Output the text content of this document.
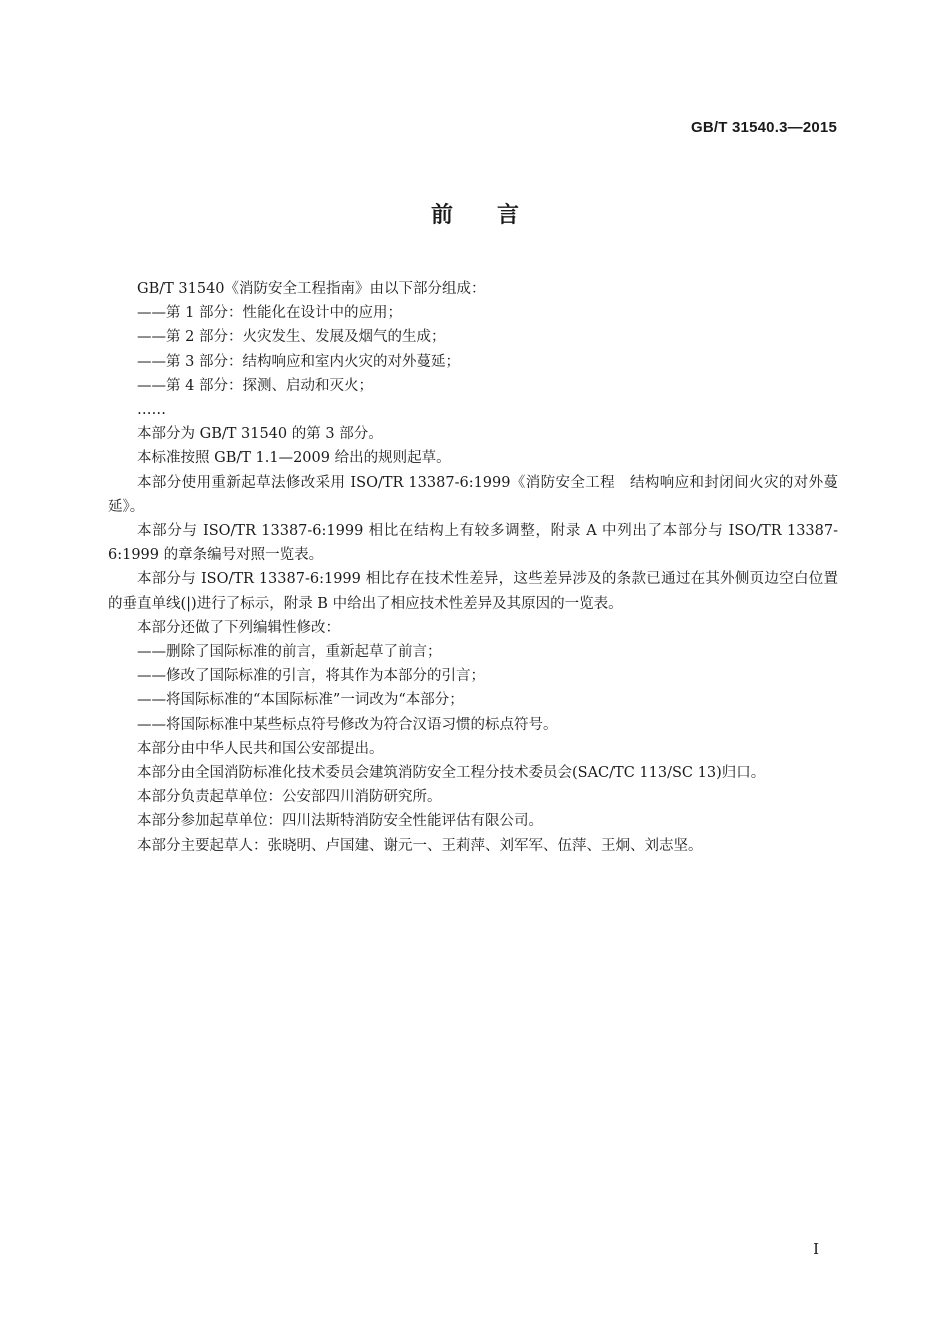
GB/T 31540.3—2015
前言

GB/T 31540《消防安全工程指南》由以下部分组成：

——第 1 部分：性能化在设计中的应用；

——第 2 部分：火灾发生、发展及烟气的生成；

——第 3 部分：结构响应和室内火灾的对外蔓延；

——第 4 部分：探测、启动和灭火；

……

本部分为 GB/T 31540 的第 3 部分。

本标准按照 GB/T 1.1—2009 给出的规则起草。

本部分使用重新起草法修改采用 ISO/TR 13387-6:1999《消防安全工程　结构响应和封闭间火灾的对外蔓延》。

本部分与 ISO/TR 13387-6:1999 相比在结构上有较多调整，附录 A 中列出了本部分与 ISO/TR 13387-6:1999 的章条编号对照一览表。

本部分与 ISO/TR 13387-6:1999 相比存在技术性差异，这些差异涉及的条款已通过在其外侧页边空白位置的垂直单线(|)进行了标示，附录 B 中给出了相应技术性差异及其原因的一览表。

本部分还做了下列编辑性修改：

——删除了国际标准的前言，重新起草了前言；

——修改了国际标准的引言，将其作为本部分的引言；

——将国际标准的“本国际标准”一词改为“本部分；

——将国际标准中某些标点符号修改为符合汉语习惯的标点符号。

本部分由中华人民共和国公安部提出。

本部分由全国消防标准化技术委员会建筑消防安全工程分技术委员会(SAC/TC 113/SC 13)归口。

本部分负责起草单位：公安部四川消防研究所。

本部分参加起草单位：四川法斯特消防安全性能评估有限公司。

本部分主要起草人：张晓明、卢国建、谢元一、王莉萍、刘军军、伍萍、王炯、刘志坚。

I
